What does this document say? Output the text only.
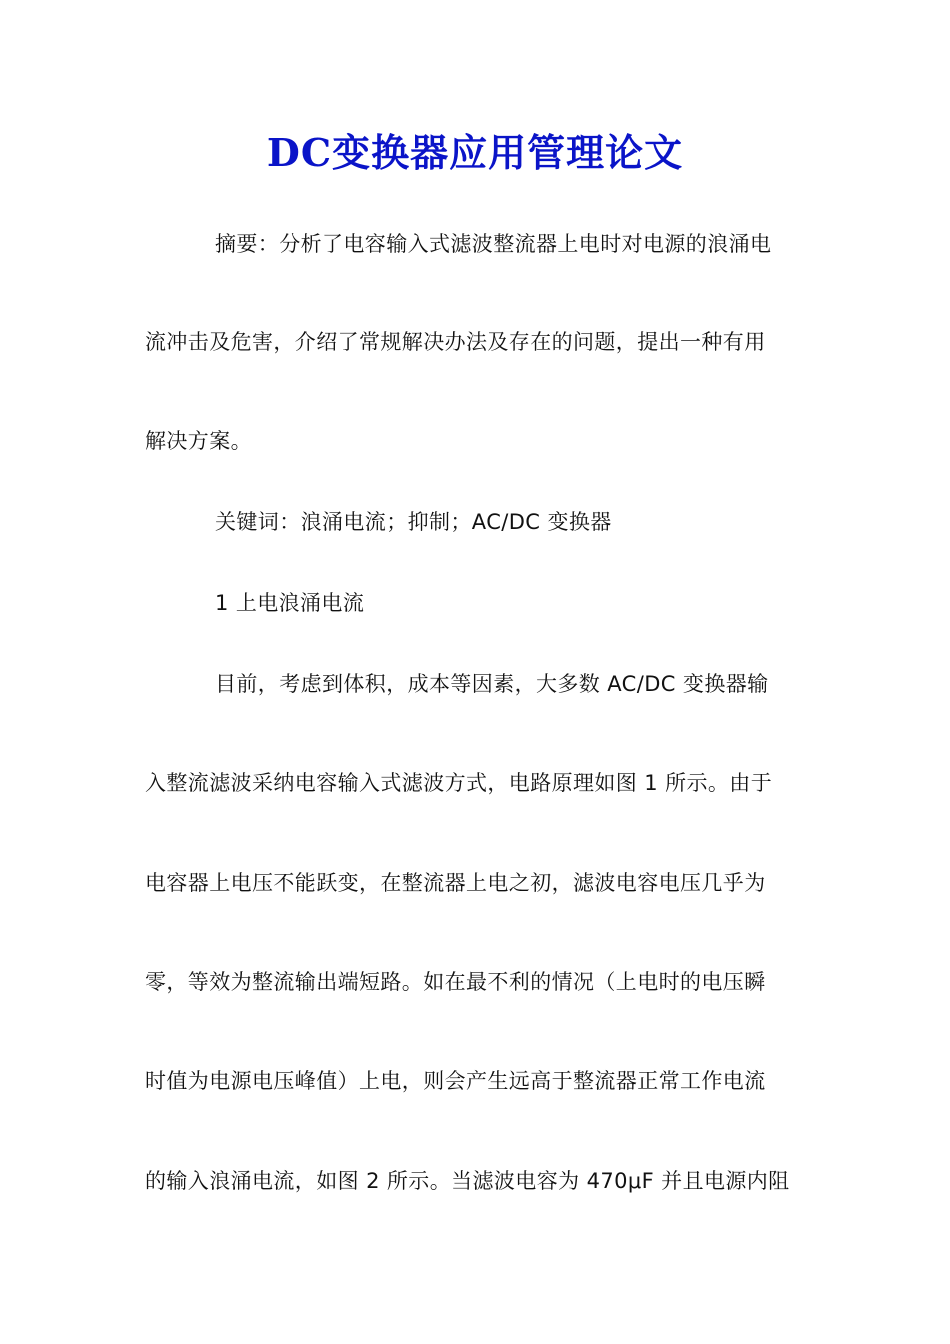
DC变换器应用管理论文
摘要：分析了电容输入式滤波整流器上电时对电源的浪涌电
流冲击及危害，介绍了常规解决办法及存在的问题，提出一种有用
解决方案。
关键词：浪涌电流；抑制；AC/DC 变换器
1 上电浪涌电流
目前，考虑到体积，成本等因素，大多数 AC/DC 变换器输
入整流滤波采纳电容输入式滤波方式，电路原理如图 1 所示。由于
电容器上电压不能跃变，在整流器上电之初，滤波电容电压几乎为
零，等效为整流输出端短路。如在最不利的情况（上电时的电压瞬
时值为电源电压峰值）上电，则会产生远高于整流器正常工作电流
的输入浪涌电流，如图 2 所示。当滤波电容为 470μF 并且电源内阻
